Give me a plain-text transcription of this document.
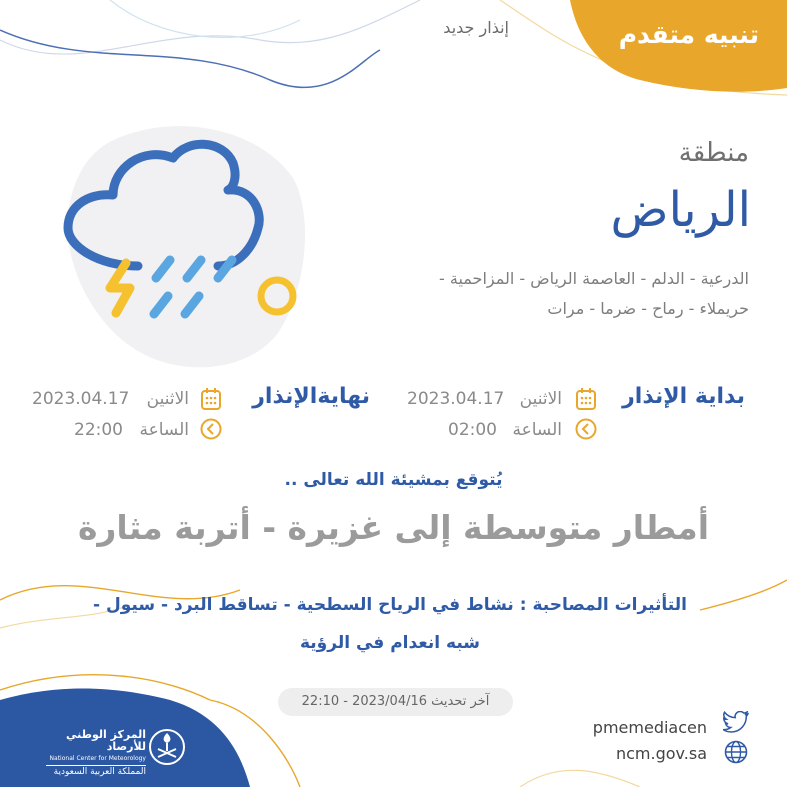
تنبيه متقدم
إنذار جديد
منطقة
الرياض
الدرعية - الدلم - العاصمة الرياض - المزاحمية -
حريملاء - رماح - ضرما - مرات
بداية الإنذار
الاثنين
2023.04.17
الساعة
02:00
نهايةالإنذار
الاثنين
2023.04.17
الساعة
22:00
يُتوقع بمشيئة الله تعالى ..
أمطار متوسطة إلى غزيرة - أتربة مثارة
التأثيرات المصاحبة : نشاط في الرياح السطحية - تساقط البرد - سيول -
شبه انعدام في الرؤية
آخر تحديث 2023/04/16 - 22:10
pmemediacen
ncm.gov.sa
المركز الوطني للأرصاد
National Center for Meteorology
المملكة العربية السعودية
